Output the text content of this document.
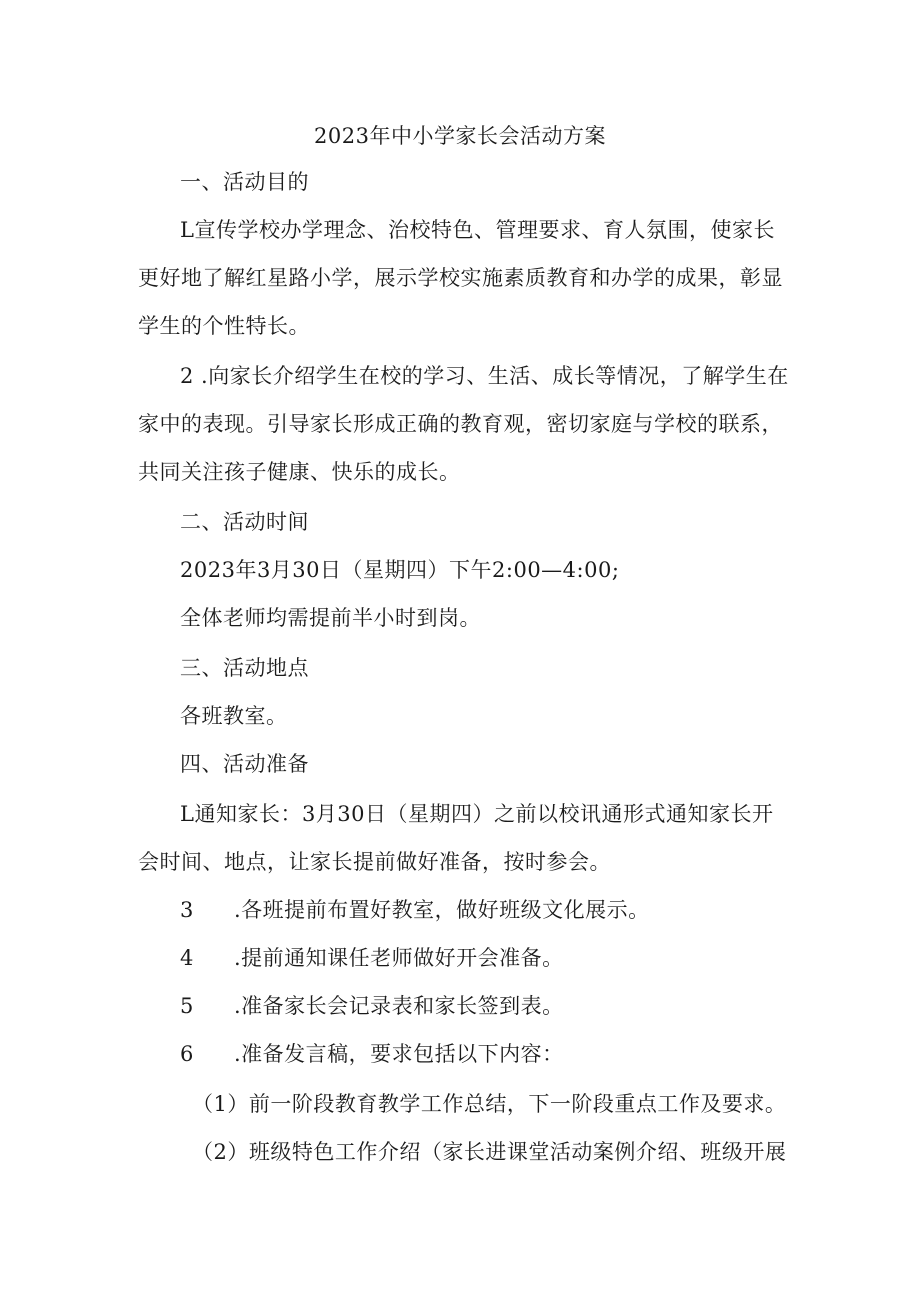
2023年中小学家长会活动方案
一、活动目的
L宣传学校办学理念、治校特色、管理要求、育人氛围，使家长
更好地了解红星路小学，展示学校实施素质教育和办学的成果，彰显
学生的个性特长。
2 .向家长介绍学生在校的学习、生活、成长等情况，了解学生在
家中的表现。引导家长形成正确的教育观，密切家庭与学校的联系，
共同关注孩子健康、快乐的成长。
二、活动时间
2023年3月30日（星期四）下午2:00—4:00;
全体老师均需提前半小时到岗。
三、活动地点
各班教室。
四、活动准备
L通知家长：3月30日（星期四）之前以校讯通形式通知家长开
会时间、地点，让家长提前做好准备，按时参会。
3 .各班提前布置好教室，做好班级文化展示。
4 .提前通知课任老师做好开会准备。
5 .准备家长会记录表和家长签到表。
6 .准备发言稿，要求包括以下内容：
（1）前一阶段教育教学工作总结，下一阶段重点工作及要求。
（2）班级特色工作介绍（家长进课堂活动案例介绍、班级开展
